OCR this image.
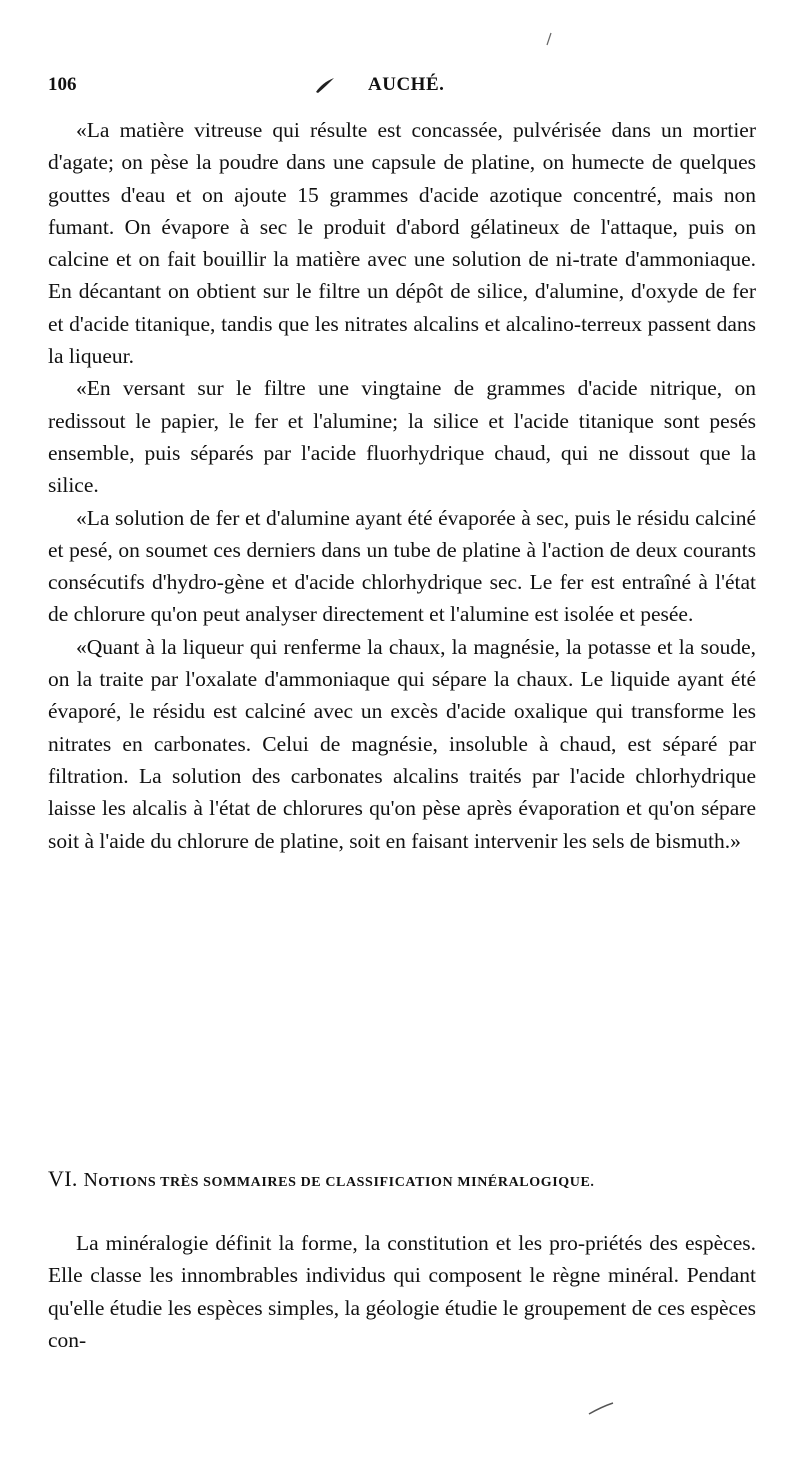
106	AUCHÉ.

«La matière vitreuse qui résulte est concassée, pulvérisée dans un mortier d'agate; on pèse la poudre dans une capsule de platine, on humecte de quelques gouttes d'eau et on ajoute 15 grammes d'acide azotique concentré, mais non fumant. On évapore à sec le produit d'abord gélatineux de l'attaque, puis on calcine et on fait bouillir la matière avec une solution de ni-trate d'ammoniaque. En décantant on obtient sur le filtre un dépôt de silice, d'alumine, d'oxyde de fer et d'acide titanique, tandis que les nitrates alcalins et alcalino-terreux passent dans la liqueur.

«En versant sur le filtre une vingtaine de grammes d'acide nitrique, on redissout le papier, le fer et l'alumine; la silice et l'acide titanique sont pesés ensemble, puis séparés par l'acide fluorhydrique chaud, qui ne dissout que la silice.

«La solution de fer et d'alumine ayant été évaporée à sec, puis le résidu calciné et pesé, on soumet ces derniers dans un tube de platine à l'action de deux courants consécutifs d'hydro-gène et d'acide chlorhydrique sec. Le fer est entraîné à l'état de chlorure qu'on peut analyser directement et l'alumine est isolée et pesée.

«Quant à la liqueur qui renferme la chaux, la magnésie, la potasse et la soude, on la traite par l'oxalate d'ammoniaque qui sépare la chaux. Le liquide ayant été évaporé, le résidu est calciné avec un excès d'acide oxalique qui transforme les nitrates en carbonates. Celui de magnésie, insoluble à chaud, est séparé par filtration. La solution des carbonates alcalins traités par l'acide chlorhydrique laisse les alcalis à l'état de chlorures qu'on pèse après évaporation et qu'on sépare soit à l'aide du chlorure de platine, soit en faisant intervenir les sels de bismuth.»

VI. NOTIONS TRÈS SOMMAIRES DE CLASSIFICATION MINÉRALOGIQUE.

La minéralogie définit la forme, la constitution et les pro-priétés des espèces. Elle classe les innombrables individus qui composent le règne minéral. Pendant qu'elle étudie les espèces simples, la géologie étudie le groupement de ces espèces con-
